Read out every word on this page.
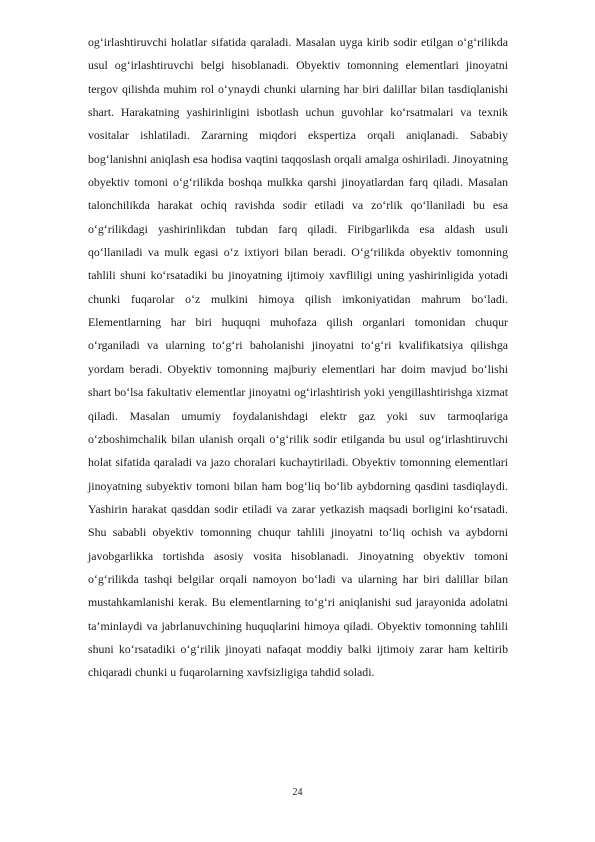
og‘irlashtiruvchi holatlar sifatida qaraladi. Masalan uyga kirib sodir etilgan o‘g‘rilikda usul og‘irlashtiruvchi belgi hisoblanadi. Obyektiv tomonning elementlari jinoyatni tergov qilishda muhim rol o‘ynaydi chunki ularning har biri dalillar bilan tasdiqlanishi shart. Harakatning yashirinligini isbotlash uchun guvohlar ko‘rsatmalari va texnik vositalar ishlatiladi. Zararning miqdori ekspertiza orqali aniqlanadi. Sababiy bog‘lanishni aniqlash esa hodisa vaqtini taqqoslash orqali amalga oshiriladi. Jinoyatning obyektiv tomoni o‘g‘rilikda boshqa mulkka qarshi jinoyatlardan farq qiladi. Masalan talonchilikda harakat ochiq ravishda sodir etiladi va zo‘rlik qo‘llaniladi bu esa o‘g‘rilikdagi yashirinlikdan tubdan farq qiladi. Firibgarlikda esa aldash usuli qo‘llaniladi va mulk egasi o‘z ixtiyori bilan beradi. O‘g‘rilikda obyektiv tomonning tahlili shuni ko‘rsatadiki bu jinoyatning ijtimoiy xavfliligi uning yashirinligida yotadi chunki fuqarolar o‘z mulkini himoya qilish imkoniyatidan mahrum bo‘ladi. Elementlarning har biri huquqni muhofaza qilish organlari tomonidan chuqur o‘rganiladi va ularning to‘g‘ri baholanishi jinoyatni to‘g‘ri kvalifikatsiya qilishga yordam beradi. Obyektiv tomonning majburiy elementlari har doim mavjud bo‘lishi shart bo‘lsa fakultativ elementlar jinoyatni og‘irlashtirish yoki yengillashtirishga xizmat qiladi. Masalan umumiy foydalanishdagi elektr gaz yoki suv tarmoqlariga o‘zboshimchalik bilan ulanish orqali o‘g‘rilik sodir etilganda bu usul og‘irlashtiruvchi holat sifatida qaraladi va jazo choralari kuchaytiriladi. Obyektiv tomonning elementlari jinoyatning subyektiv tomoni bilan ham bog‘liq bo‘lib aybdorning qasdini tasdiqlaydi. Yashirin harakat qasddan sodir etiladi va zarar yetkazish maqsadi borligini ko‘rsatadi. Shu sababli obyektiv tomonning chuqur tahlili jinoyatni to‘liq ochish va aybdorni javobgarlikka tortishda asosiy vosita hisoblanadi. Jinoyatning obyektiv tomoni o‘g‘rilikda tashqi belgilar orqali namoyon bo‘ladi va ularning har biri dalillar bilan mustahkamlanishi kerak. Bu elementlarning to‘g‘ri aniqlanishi sud jarayonida adolatni ta’minlaydi va jabrlanuvchining huquqlarini himoya qiladi. Obyektiv tomonning tahlili shuni ko‘rsatadiki o‘g‘rilik jinoyati nafaqat moddiy balki ijtimoiy zarar ham keltirib chiqaradi chunki u fuqarolarning xavfsizligiga tahdid soladi.

24
